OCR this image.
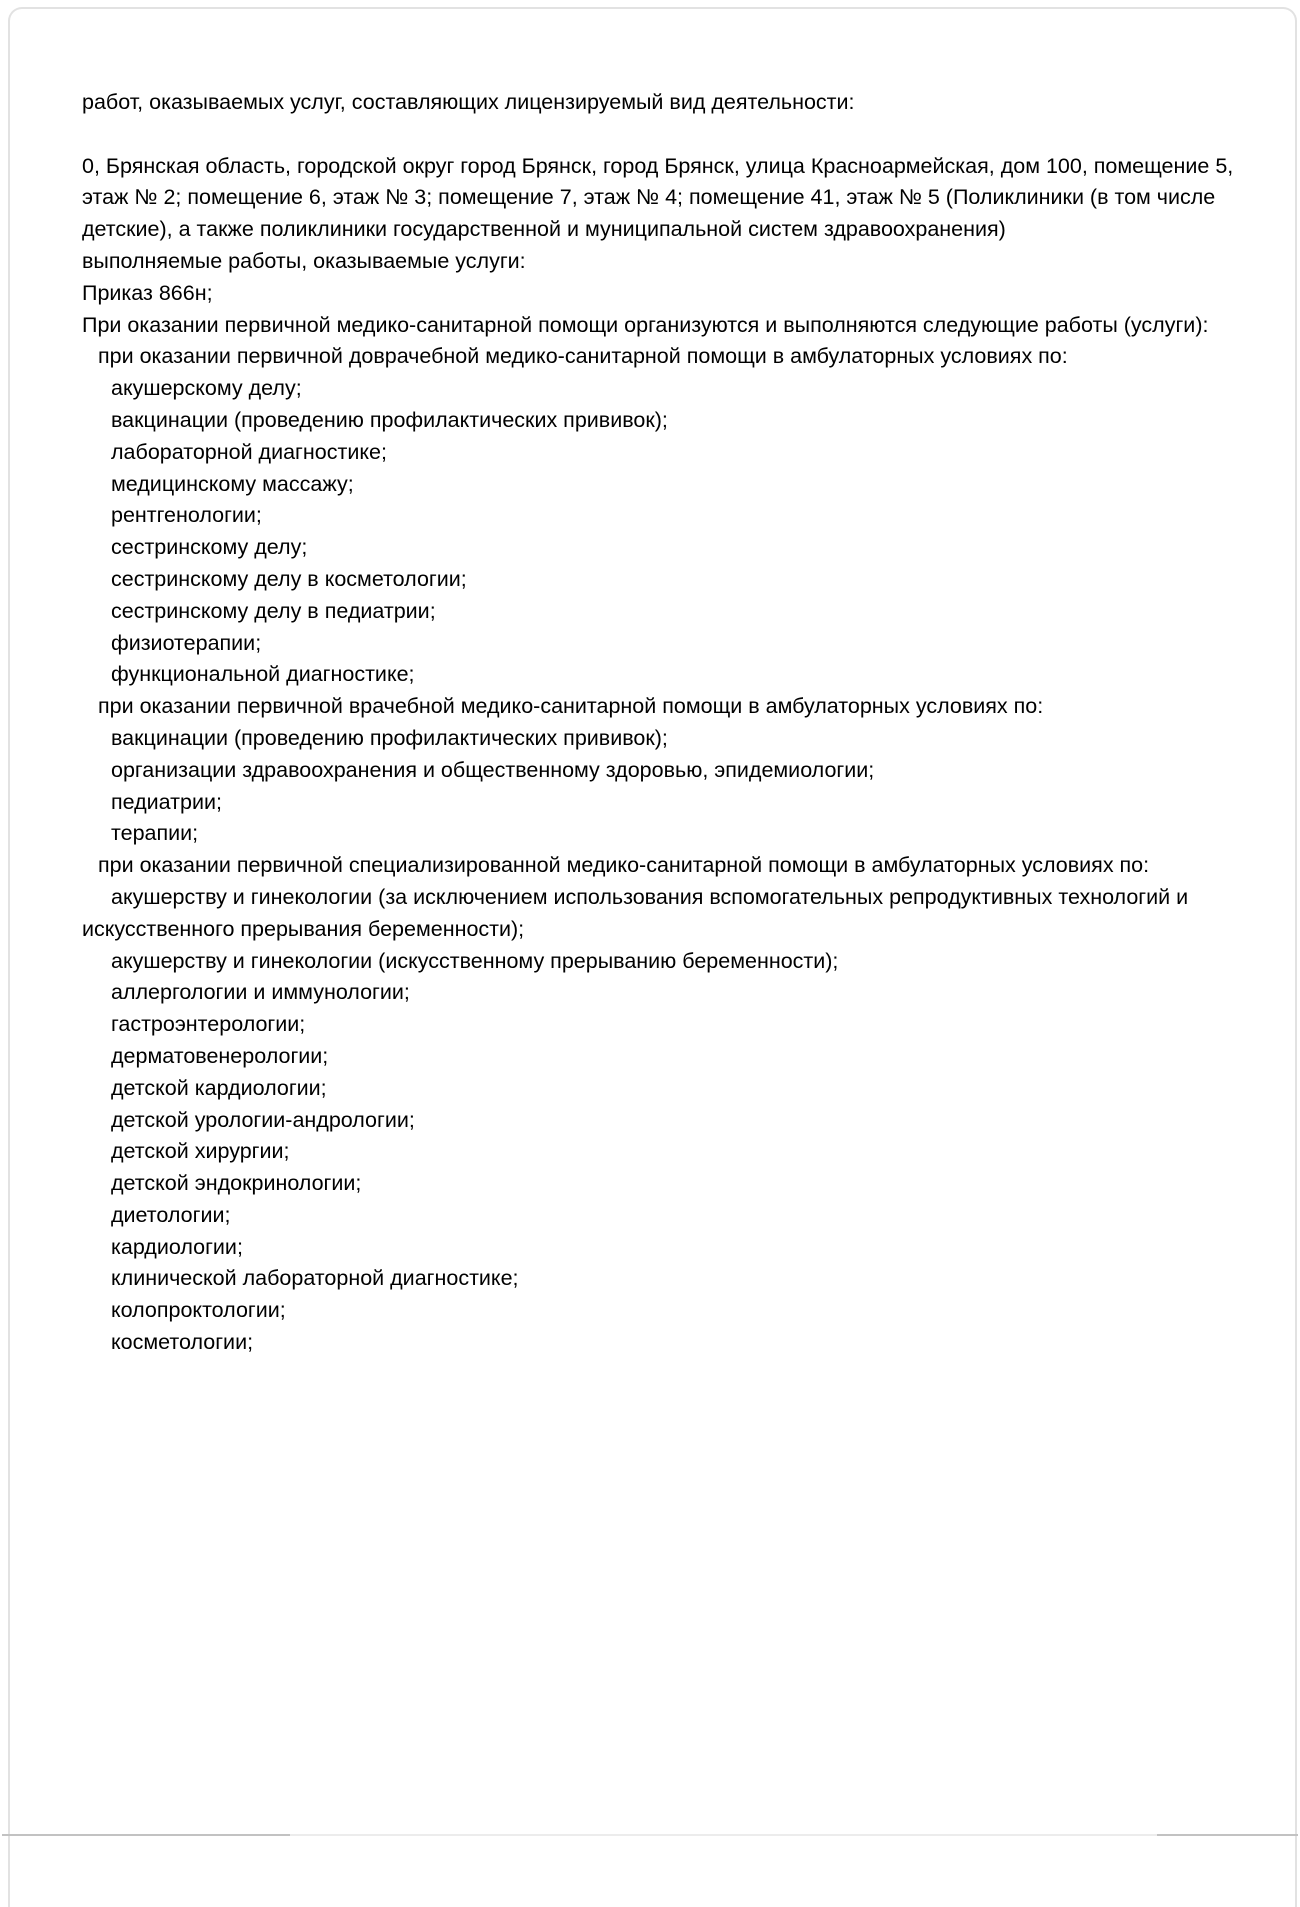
работ, оказываемых услуг, составляющих лицензируемый вид деятельности:

0, Брянская область, городской округ город Брянск, город Брянск, улица Красноармейская, дом 100, помещение 5, этаж № 2; помещение 6, этаж № 3; помещение 7, этаж № 4; помещение 41, этаж № 5 (Поликлиники (в том числе детские), а также поликлиники государственной и муниципальной систем здравоохранения)
выполняемые работы, оказываемые услуги:
Приказ 866н;
При оказании первичной медико-санитарной помощи организуются и выполняются следующие работы (услуги):
при оказании первичной доврачебной медико-санитарной помощи в амбулаторных условиях по:
акушерскому делу;
вакцинации (проведению профилактических прививок);
лабораторной диагностике;
медицинскому массажу;
рентгенологии;
сестринскому делу;
сестринскому делу в косметологии;
сестринскому делу в педиатрии;
физиотерапии;
функциональной диагностике;
при оказании первичной врачебной медико-санитарной помощи в амбулаторных условиях по:
вакцинации (проведению профилактических прививок);
организации здравоохранения и общественному здоровью, эпидемиологии;
педиатрии;
терапии;
при оказании первичной специализированной медико-санитарной помощи в амбулаторных условиях по:
акушерству и гинекологии (за исключением использования вспомогательных репродуктивных технологий и искусственного прерывания беременности);
акушерству и гинекологии (искусственному прерыванию беременности);
аллергологии и иммунологии;
гастроэнтерологии;
дерматовенерологии;
детской кардиологии;
детской урологии-андрологии;
детской хирургии;
детской эндокринологии;
диетологии;
кардиологии;
клинической лабораторной диагностике;
колопроктологии;
косметологии;
